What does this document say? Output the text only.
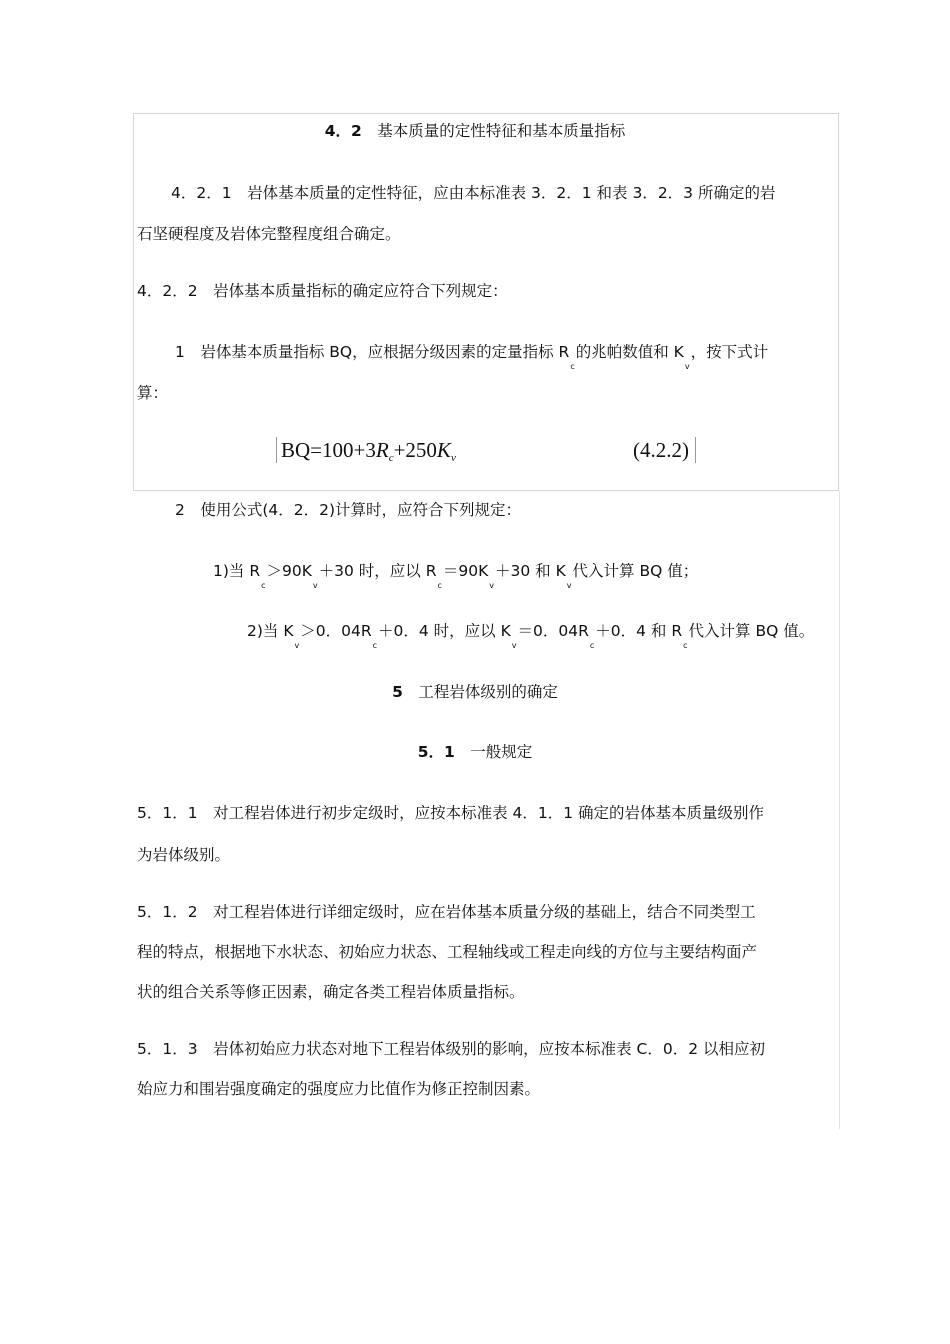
4．2　 基本质量的定性特征和基本质量指标
4．2．1　岩体基本质量的定性特征，应由本标准表 3．2．1 和表 3．2．3 所确定的岩
石坚硬程度及岩体完整程度组合确定。
4．2．2　岩体基本质量指标的确定应符合下列规定：
1　岩体基本质量指标 BQ，应根据分级因素的定量指标 $R_c$的兆帕数值和 $K_v$，按下式计
算：
BQ=100+3Rc+250Kv	(4.2.2)
2　使用公式(4．2．2)计算时，应符合下列规定：
1)当 $R_c>90K_v+30$ 时，应以 $R_c=90K_v+30$ 和 $K_v$代入计算 BQ 值；
2)当 $K_v>0$．$04R_c+0$．4 时，应以 $K_v=0$．$04R_c+0$．4 和 $R_c$代入计算 BQ 值。
5　 工程岩体级别的确定
5．1　 一般规定
5．1．1　对工程岩体进行初步定级时，应按本标准表 4．1．1 确定的岩体基本质量级别作
为岩体级别。
5．1．2　对工程岩体进行详细定级时，应在岩体基本质量分级的基础上，结合不同类型工
程的特点，根据地下水状态、初始应力状态、工程轴线或工程走向线的方位与主要结构面产
状的组合关系等修正因素，确定各类工程岩体质量指标。
5．1．3　岩体初始应力状态对地下工程岩体级别的影响，应按本标准表 C．0．2 以相应初
始应力和围岩强度确定的强度应力比值作为修正控制因素。
